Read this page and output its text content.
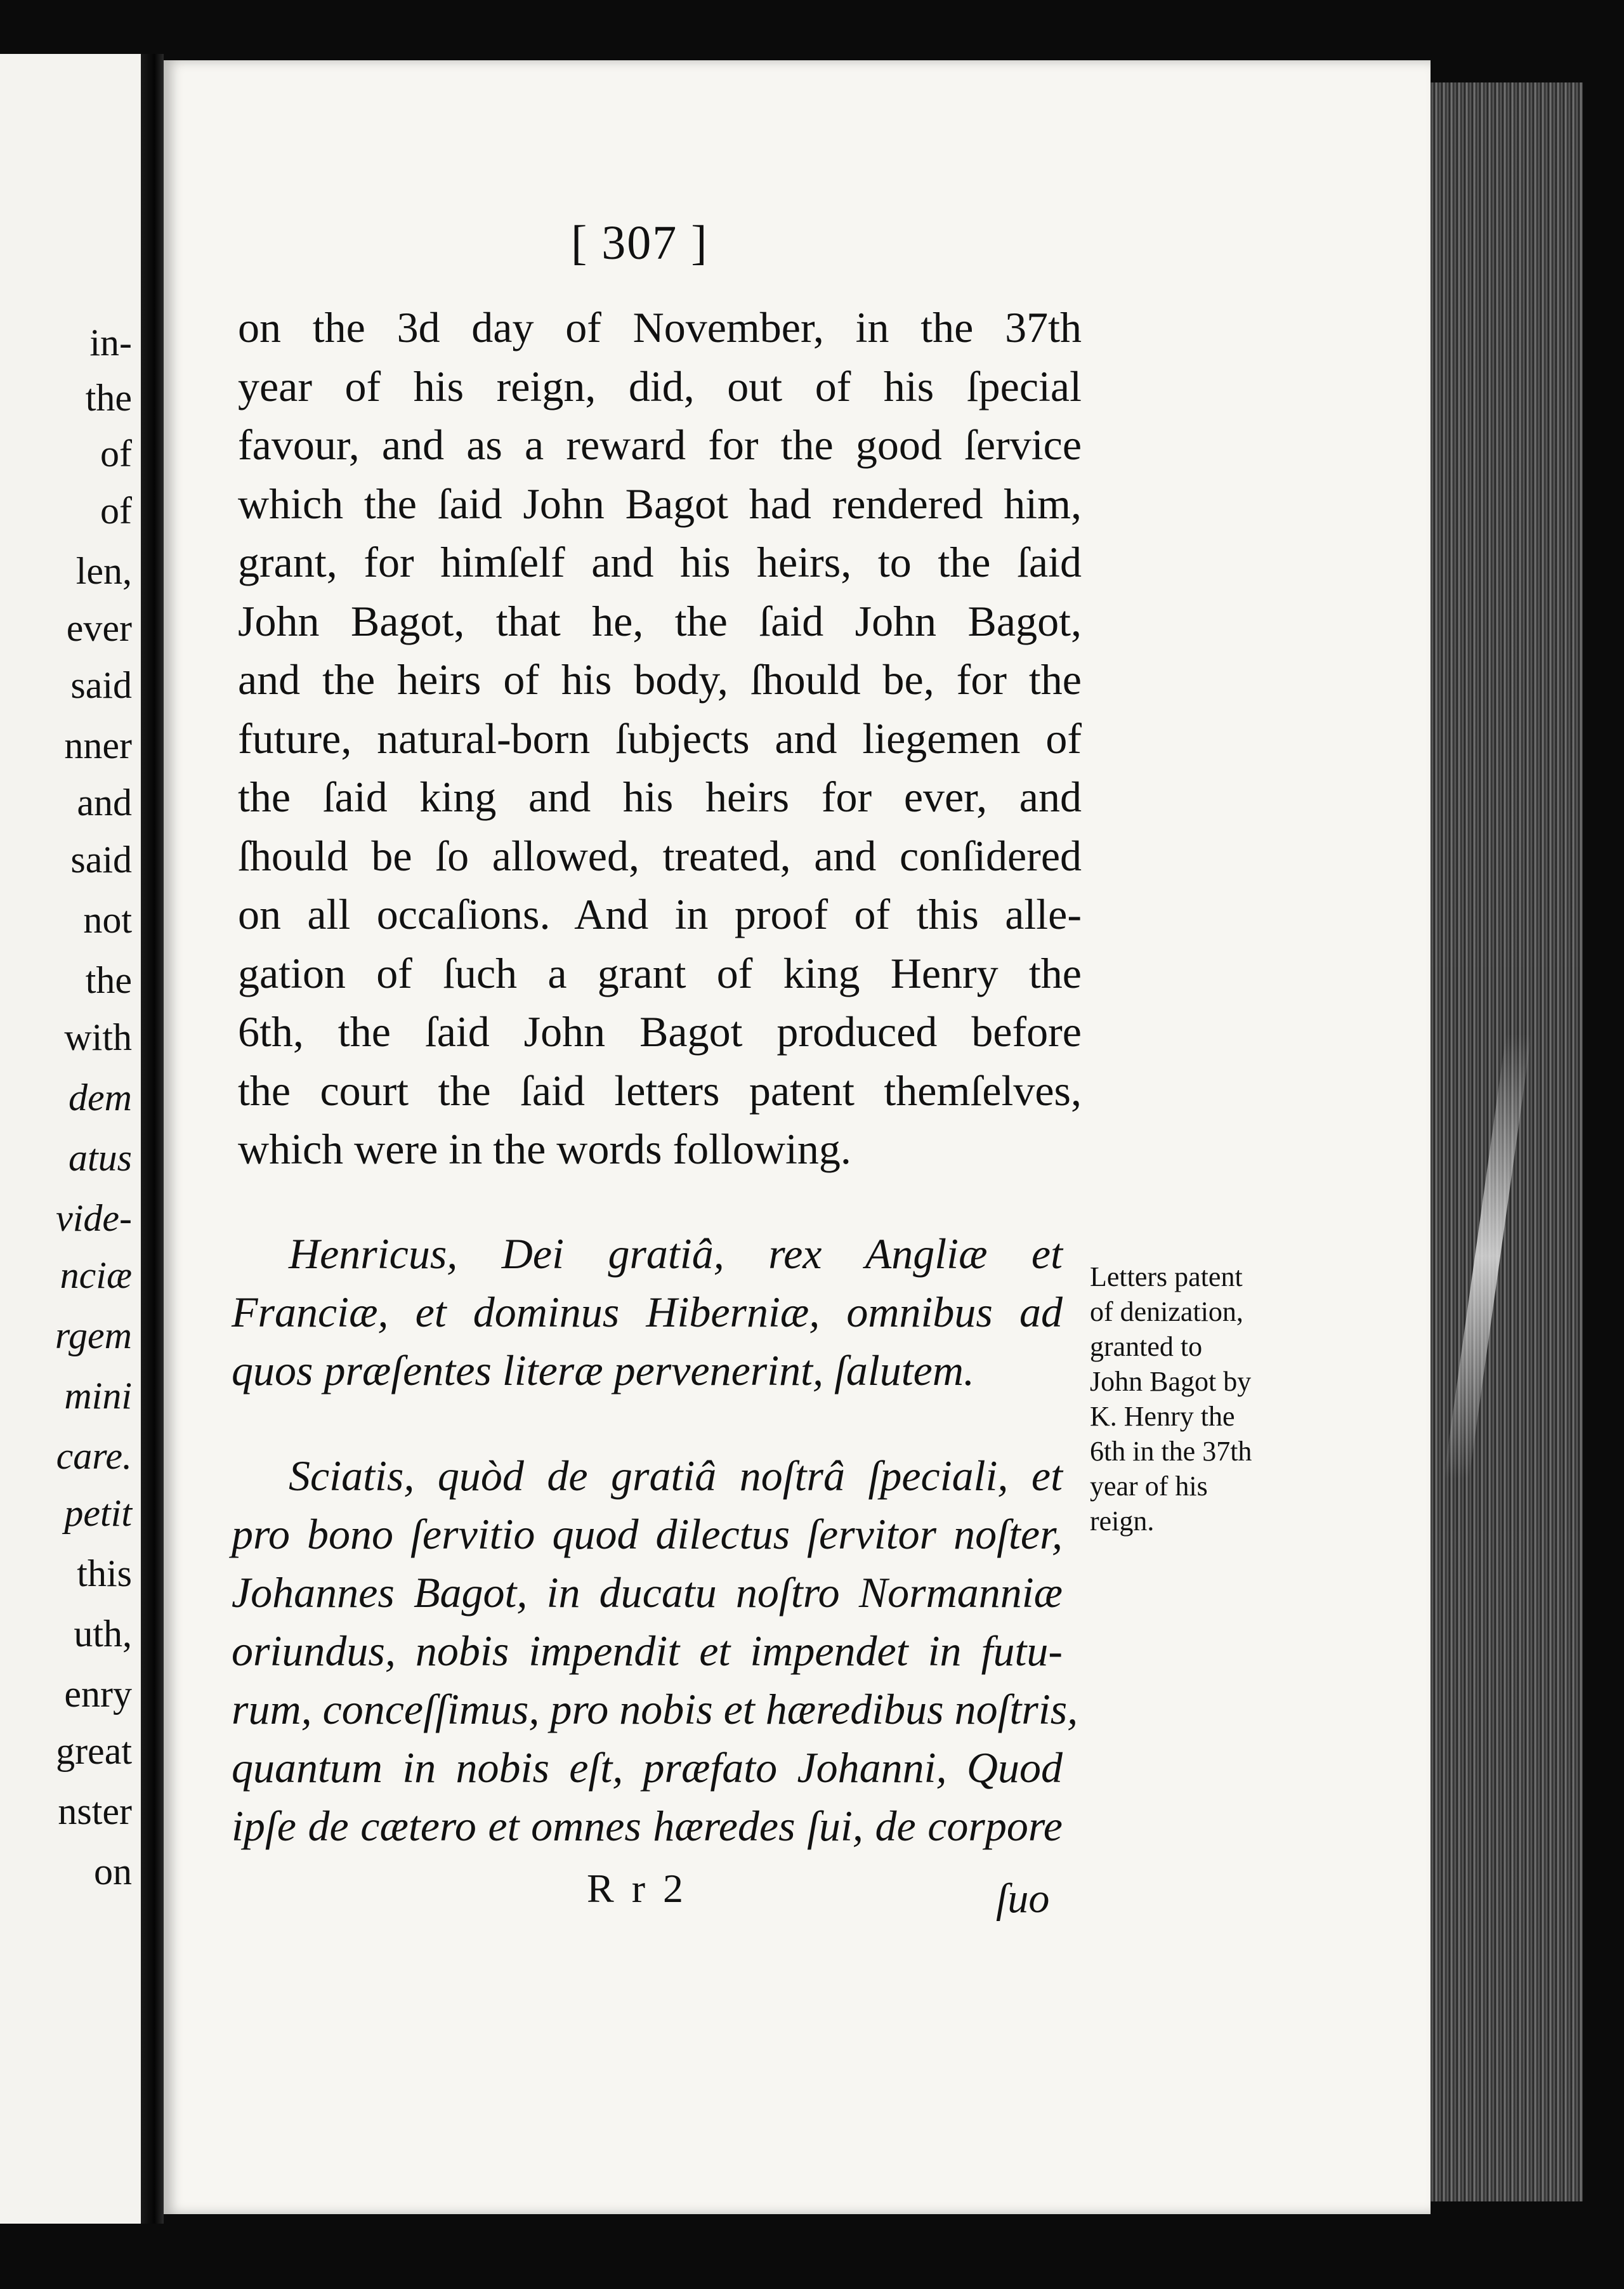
in-
the
of
of
len,
ever
said
nner
and
said
not
the
with
dem
atus
vide-
nciæ
rgem
mini
care.
petit
this
uth,
enry
great
nster
on
[ 307 ]
on the 3d day of November, in the 37th
year of his reign, did, out of his ſpecial
favour, and as a reward for the good ſervice
which the ſaid John Bagot had rendered him,
grant, for himſelf and his heirs, to the ſaid
John Bagot, that he, the ſaid John Bagot,
and the heirs of his body, ſhould be, for the
future, natural-born ſubjects and liegemen of
the ſaid king and his heirs for ever, and
ſhould be ſo allowed, treated, and conſidered
on all occaſions. And in proof of this alle-
gation of ſuch a grant of king Henry the
6th, the ſaid John Bagot produced before
the court the ſaid letters patent themſelves,
which were in the words following.
Henricus, Dei gratiâ, rex Angliæ et
Franciæ, et dominus Hiberniæ, omnibus ad
quos præſentes literæ pervenerint, ſalutem.
Sciatis, quòd de gratiâ noſtrâ ſpeciali, et
pro bono ſervitio quod dilectus ſervitor noſter,
Johannes Bagot, in ducatu noſtro Normanniæ
oriundus, nobis impendit et impendet in futu-
rum, conceſſimus, pro nobis et hæredibus noſtris,
quantum in nobis eſt, præfato Johanni, Quod
ipſe de cætero et omnes hæredes ſui, de corpore
Letters patent
of denization,
granted to
John Bagot by
K. Henry the
6th in the 37th
year of his
reign.
R r 2	ſuo
